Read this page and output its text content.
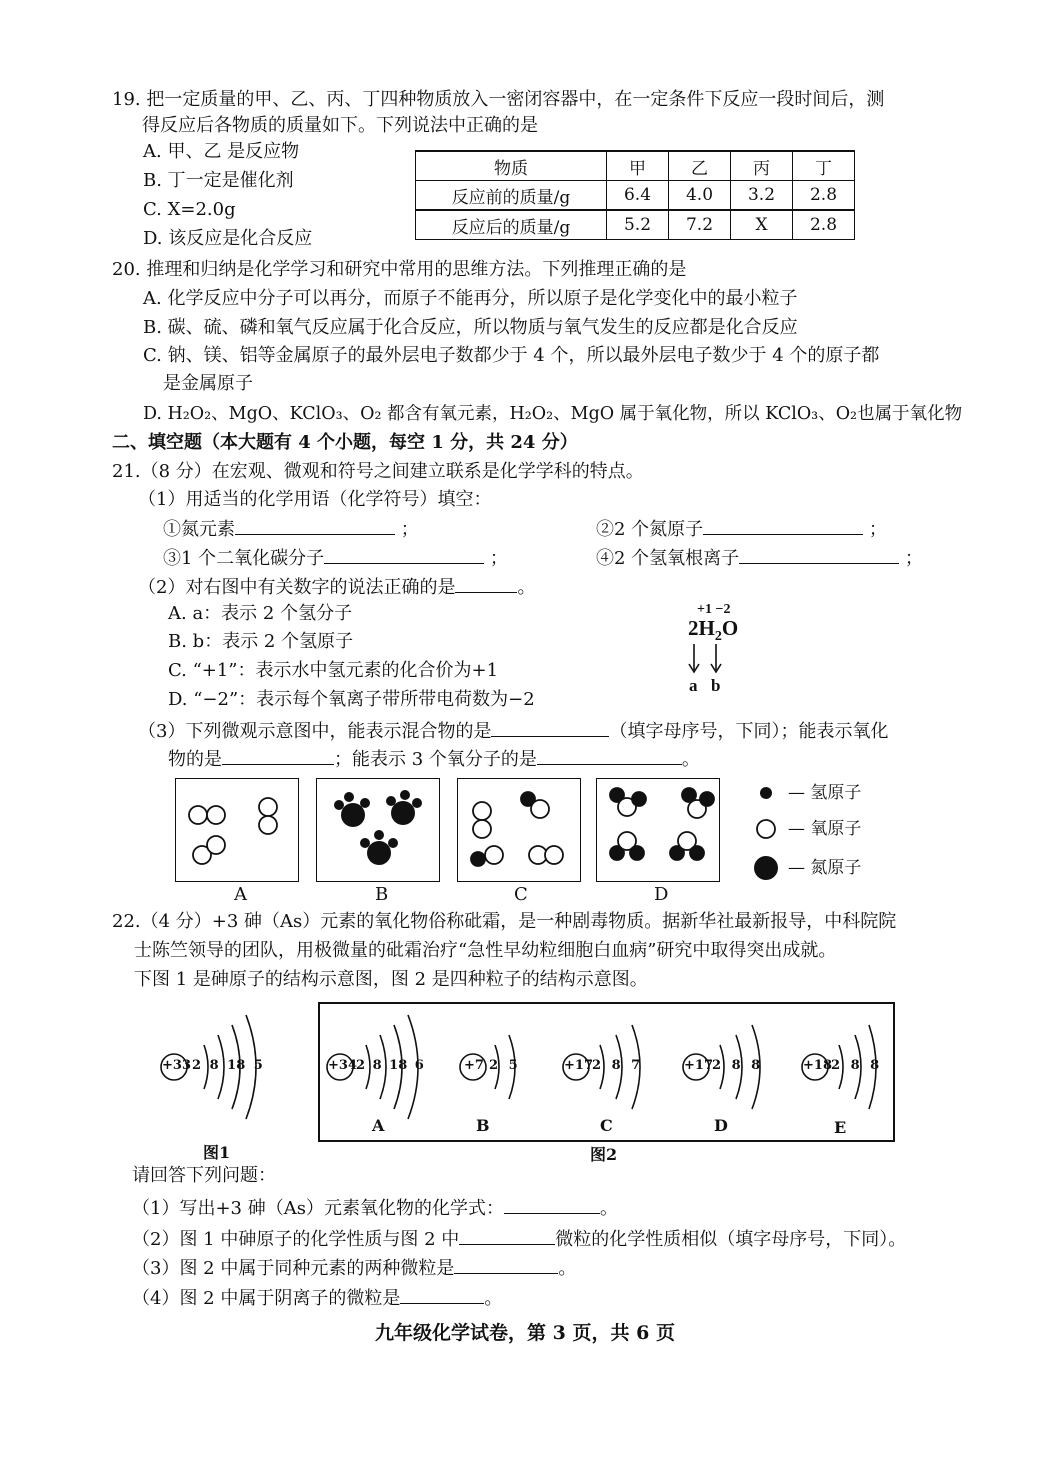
19. 把一定质量的甲、乙、丙、丁四种物质放入一密闭容器中，在一定条件下反应一段时间后，测
得反应后各物质的质量如下。下列说法中正确的是
A. 甲、乙 是反应物
B. 丁一定是催化剂
C. X=2.0g
D. 该反应是化合反应
物质	甲	乙	丙	丁
反应前的质量/g	6.4	4.0	3.2	2.8
反应后的质量/g	5.2	7.2	X	2.8
20. 推理和归纳是化学学习和研究中常用的思维方法。下列推理正确的是
A. 化学反应中分子可以再分，而原子不能再分，所以原子是化学变化中的最小粒子
B. 碳、硫、磷和氧气反应属于化合反应，所以物质与氧气发生的反应都是化合反应
C. 钠、镁、铝等金属原子的最外层电子数都少于 4 个，所以最外层电子数少于 4 个的原子都
是金属原子
D. H₂O₂、MgO、KClO₃、O₂ 都含有氧元素，H₂O₂、MgO 属于氧化物，所以 KClO₃、O₂也属于氧化物
二、填空题（本大题有 4 个小题，每空 1 分，共 24 分）
21.（8 分）在宏观、微观和符号之间建立联系是化学学科的特点。
（1）用适当的化学用语（化学符号）填空：
①氮元素	；	②2 个氮原子	；
③1 个二氧化碳分子	；	④2 个氢氧根离子	；
（2）对右图中有关数字的说法正确的是	。
A. a：表示 2 个氢分子
B. b：表示 2 个氢原子
C. “+1”：表示水中氢元素的化合价为+1
D. “−2”：表示每个氧离子带所带电荷数为−2
+1 −2
$2H_2O$
a b
（3）下列微观示意图中，能表示混合物的是	（填字母序号，下同）；能表示氧化
物的是	；能表示 3 个氧分子的是	。
A	B	C	D
— 氢原子
— 氧原子
— 氮原子
22.（4 分）+3 砷（As）元素的氧化物俗称砒霜，是一种剧毒物质。据新华社最新报导，中科院院
士陈竺领导的团队，用极微量的砒霜治疗“急性早幼粒细胞白血病”研究中取得突出成就。
下图 1 是砷原子的结构示意图，图 2 是四种粒子的结构示意图。
+33 2 8 18 5
图1
+34 2 8 18 6
A
+7 2 5
B
+17 2 8 7
C
+17 2 8 8
D
+18 2 8 8
E
图2
请回答下列问题：
（1）写出+3 砷（As）元素氧化物的化学式：	。
（2）图 1 中砷原子的化学性质与图 2 中	微粒的化学性质相似（填字母序号，下同）。
（3）图 2 中属于同种元素的两种微粒是	。
（4）图 2 中属于阴离子的微粒是	。
九年级化学试卷，第 3 页，共 6 页
